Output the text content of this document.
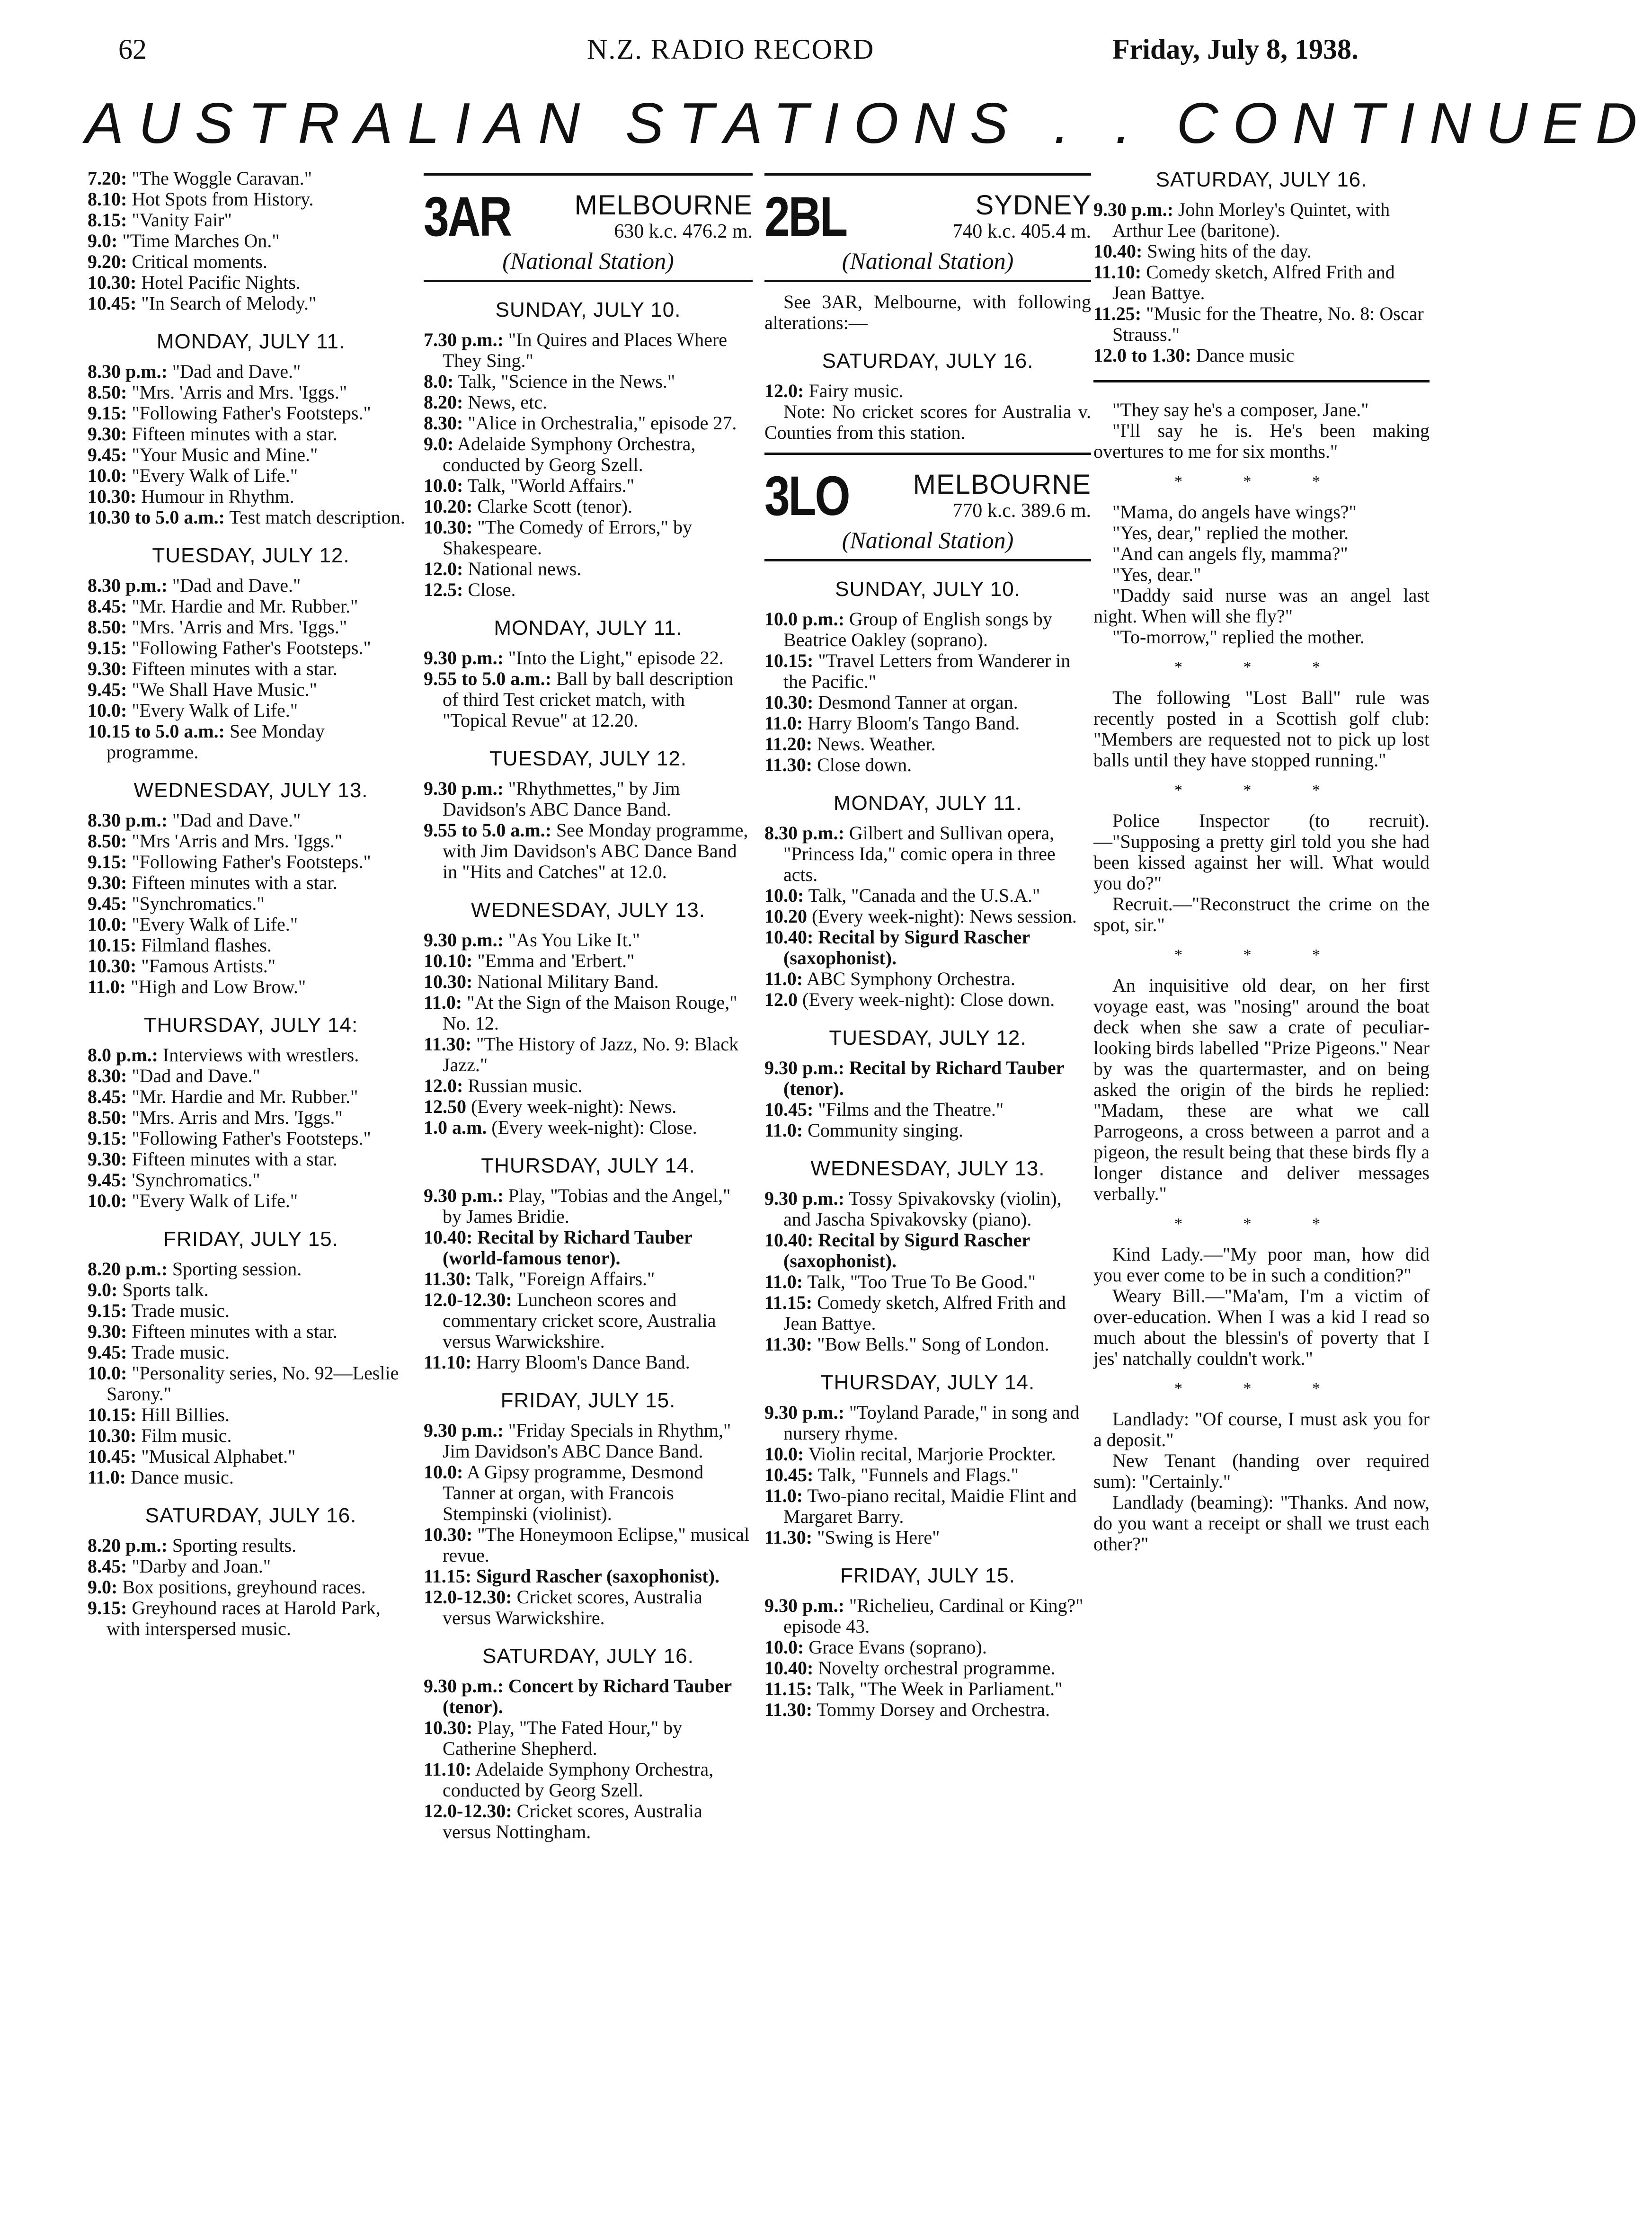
62	N.Z. RADIO RECORD	Friday, July 8, 1938.
AUSTRALIAN STATIONS . . CONTINUED

7.20: "The Woggle Caravan."

8.10: Hot Spots from History.

8.15: "Vanity Fair"

9.0: "Time Marches On."

9.20: Critical moments.

10.30: Hotel Pacific Nights.

10.45: "In Search of Melody."

MONDAY, JULY 11.

8.30 p.m.: "Dad and Dave."

8.50: "Mrs. 'Arris and Mrs. 'Iggs."

9.15: "Following Father's Footsteps."

9.30: Fifteen minutes with a star.

9.45: "Your Music and Mine."

10.0: "Every Walk of Life."

10.30: Humour in Rhythm.

10.30 to 5.0 a.m.: Test match description.

TUESDAY, JULY 12.

8.30 p.m.: "Dad and Dave."

8.45: "Mr. Hardie and Mr. Rubber."

8.50: "Mrs. 'Arris and Mrs. 'Iggs."

9.15: "Following Father's Footsteps."

9.30: Fifteen minutes with a star.

9.45: "We Shall Have Music."

10.0: "Every Walk of Life."

10.15 to 5.0 a.m.: See Monday programme.

WEDNESDAY, JULY 13.

8.30 p.m.: "Dad and Dave."

8.50: "Mrs 'Arris and Mrs. 'Iggs."

9.15: "Following Father's Footsteps."

9.30: Fifteen minutes with a star.

9.45: "Synchromatics."

10.0: "Every Walk of Life."

10.15: Filmland flashes.

10.30: "Famous Artists."

11.0: "High and Low Brow."

THURSDAY, JULY 14:

8.0 p.m.: Interviews with wrestlers.

8.30: "Dad and Dave."

8.45: "Mr. Hardie and Mr. Rubber."

8.50: "Mrs. Arris and Mrs. 'Iggs."

9.15: "Following Father's Footsteps."

9.30: Fifteen minutes with a star.

9.45: 'Synchromatics."

10.0: "Every Walk of Life."

FRIDAY, JULY 15.

8.20 p.m.: Sporting session.

9.0: Sports talk.

9.15: Trade music.

9.30: Fifteen minutes with a star.

9.45: Trade music.

10.0: "Personality series, No. 92—Leslie Sarony."

10.15: Hill Billies.

10.30: Film music.

10.45: "Musical Alphabet."

11.0: Dance music.

SATURDAY, JULY 16.

8.20 p.m.: Sporting results.

8.45: "Darby and Joan."

9.0: Box positions, greyhound races.

9.15: Greyhound races at Harold Park, with interspersed music.

3AR	MELBOURNE
630 k.c. 476.2 m.
(National Station)
SUNDAY, JULY 10.

7.30 p.m.: "In Quires and Places Where They Sing."

8.0: Talk, "Science in the News."

8.20: News, etc.

8.30: "Alice in Orchestralia," episode 27.

9.0: Adelaide Symphony Orchestra, conducted by Georg Szell.

10.0: Talk, "World Affairs."

10.20: Clarke Scott (tenor).

10.30: "The Comedy of Errors," by Shakespeare.

12.0: National news.

12.5: Close.

MONDAY, JULY 11.

9.30 p.m.: "Into the Light," episode 22.

9.55 to 5.0 a.m.: Ball by ball description of third Test cricket match, with "Topical Revue" at 12.20.

TUESDAY, JULY 12.

9.30 p.m.: "Rhythmettes," by Jim Davidson's ABC Dance Band.

9.55 to 5.0 a.m.: See Monday programme, with Jim Davidson's ABC Dance Band in "Hits and Catches" at 12.0.

WEDNESDAY, JULY 13.

9.30 p.m.: "As You Like It."

10.10: "Emma and 'Erbert."

10.30: National Military Band.

11.0: "At the Sign of the Maison Rouge," No. 12.

11.30: "The History of Jazz, No. 9: Black Jazz."

12.0: Russian music.

12.50 (Every week-night): News.

1.0 a.m. (Every week-night): Close.

THURSDAY, JULY 14.

9.30 p.m.: Play, "Tobias and the Angel," by James Bridie.

10.40: Recital by Richard Tauber (world-famous tenor).

11.30: Talk, "Foreign Affairs."

12.0-12.30: Luncheon scores and commentary cricket score, Australia versus Warwickshire.

11.10: Harry Bloom's Dance Band.

FRIDAY, JULY 15.

9.30 p.m.: "Friday Specials in Rhythm," Jim Davidson's ABC Dance Band.

10.0: A Gipsy programme, Desmond Tanner at organ, with Francois Stempinski (violinist).

10.30: "The Honeymoon Eclipse," musical revue.

11.15: Sigurd Rascher (saxophonist).

12.0-12.30: Cricket scores, Australia versus Warwickshire.

SATURDAY, JULY 16.

9.30 p.m.: Concert by Richard Tauber (tenor).

10.30: Play, "The Fated Hour," by Catherine Shepherd.

11.10: Adelaide Symphony Orchestra, conducted by Georg Szell.

12.0-12.30: Cricket scores, Australia versus Nottingham.

2BL	SYDNEY
740 k.c. 405.4 m.
(National Station)

See 3AR, Melbourne, with following alterations:—

SATURDAY, JULY 16.

12.0: Fairy music.

Note: No cricket scores for Australia v. Counties from this station.

3LO	MELBOURNE
770 k.c. 389.6 m.
(National Station)
SUNDAY, JULY 10.

10.0 p.m.: Group of English songs by Beatrice Oakley (soprano).

10.15: "Travel Letters from Wanderer in the Pacific."

10.30: Desmond Tanner at organ.

11.0: Harry Bloom's Tango Band.

11.20: News. Weather.

11.30: Close down.

MONDAY, JULY 11.

8.30 p.m.: Gilbert and Sullivan opera, "Princess Ida," comic opera in three acts.

10.0: Talk, "Canada and the U.S.A."

10.20 (Every week-night): News session.

10.40: Recital by Sigurd Rascher (saxophonist).

11.0: ABC Symphony Orchestra.

12.0 (Every week-night): Close down.

TUESDAY, JULY 12.

9.30 p.m.: Recital by Richard Tauber (tenor).

10.45: "Films and the Theatre."

11.0: Community singing.

WEDNESDAY, JULY 13.

9.30 p.m.: Tossy Spivakovsky (violin), and Jascha Spivakovsky (piano).

10.40: Recital by Sigurd Rascher (saxophonist).

11.0: Talk, "Too True To Be Good."

11.15: Comedy sketch, Alfred Frith and Jean Battye.

11.30: "Bow Bells." Song of London.

THURSDAY, JULY 14.

9.30 p.m.: "Toyland Parade," in song and nursery rhyme.

10.0: Violin recital, Marjorie Prockter.

10.45: Talk, "Funnels and Flags."

11.0: Two-piano recital, Maidie Flint and Margaret Barry.

11.30: "Swing is Here"

FRIDAY, JULY 15.

9.30 p.m.: "Richelieu, Cardinal or King?" episode 43.

10.0: Grace Evans (soprano).

10.40: Novelty orchestral programme.

11.15: Talk, "The Week in Parliament."

11.30: Tommy Dorsey and Orchestra.

SATURDAY, JULY 16.

9.30 p.m.: John Morley's Quintet, with Arthur Lee (baritone).

10.40: Swing hits of the day.

11.10: Comedy sketch, Alfred Frith and Jean Battye.

11.25: "Music for the Theatre, No. 8: Oscar Strauss."

12.0 to 1.30: Dance music

"They say he's a composer, Jane."

"I'll say he is. He's been making overtures to me for six months."

* * *

"Mama, do angels have wings?"

"Yes, dear," replied the mother.

"And can angels fly, mamma?"

"Yes, dear."

"Daddy said nurse was an angel last night. When will she fly?"

"To-morrow," replied the mother.

* * *

The following "Lost Ball" rule was recently posted in a Scottish golf club: "Members are requested not to pick up lost balls until they have stopped running."

* * *

Police Inspector (to recruit).—"Supposing a pretty girl told you she had been kissed against her will. What would you do?"

Recruit.—"Reconstruct the crime on the spot, sir."

* * *

An inquisitive old dear, on her first voyage east, was "nosing" around the boat deck when she saw a crate of peculiar-looking birds labelled "Prize Pigeons." Near by was the quartermaster, and on being asked the origin of the birds he replied: "Madam, these are what we call Parrogeons, a cross between a parrot and a pigeon, the result being that these birds fly a longer distance and deliver messages verbally."

* * *

Kind Lady.—"My poor man, how did you ever come to be in such a condition?"

Weary Bill.—"Ma'am, I'm a victim of over-education. When I was a kid I read so much about the blessin's of poverty that I jes' natchally couldn't work."

* * *

Landlady: "Of course, I must ask you for a deposit."

New Tenant (handing over required sum): "Certainly."

Landlady (beaming): "Thanks. And now, do you want a receipt or shall we trust each other?"
